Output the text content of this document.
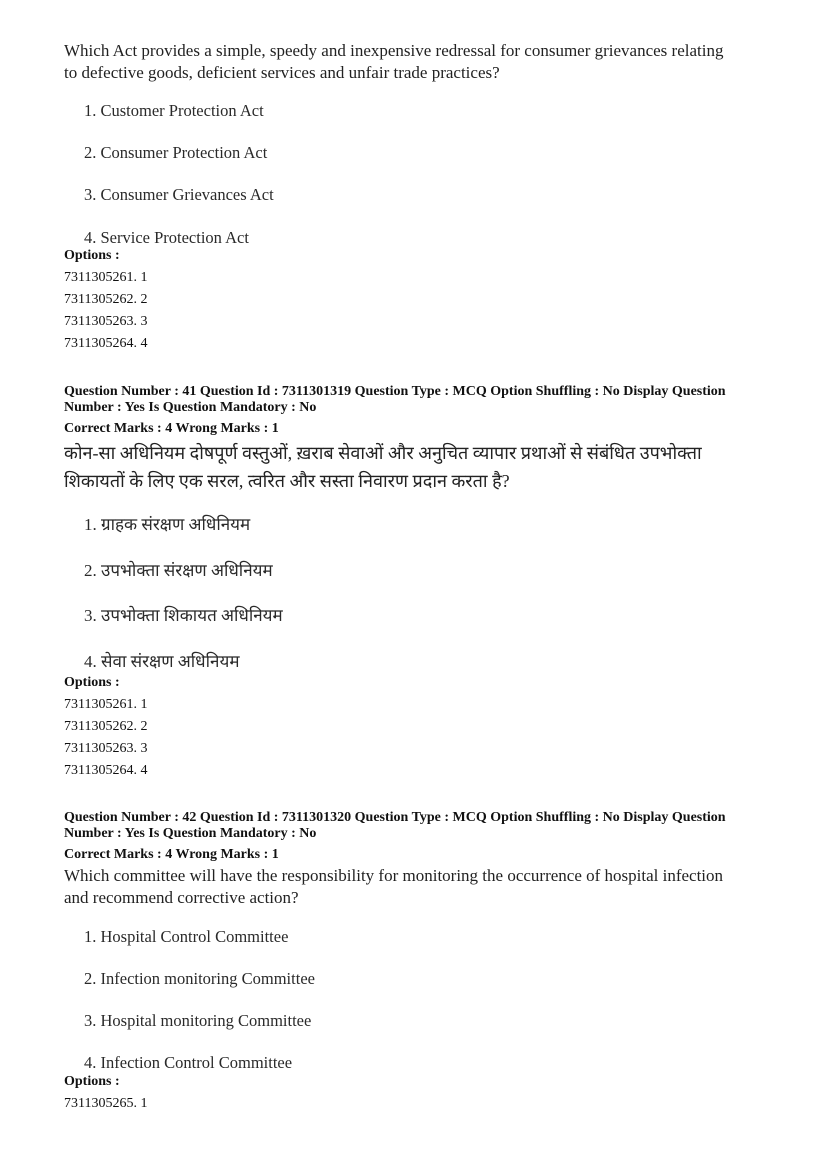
Which Act provides a simple, speedy and inexpensive redressal for consumer grievances relating
to defective goods, deficient services and unfair trade practices?
1. Customer Protection Act
2. Consumer Protection Act
3. Consumer Grievances Act
4. Service Protection Act
Options :
7311305261. 1
7311305262. 2
7311305263. 3
7311305264. 4
Question Number : 41 Question Id : 7311301319 Question Type : MCQ Option Shuffling : No Display Question
Number : Yes Is Question Mandatory : No
Correct Marks : 4 Wrong Marks : 1
कोन-सा अधिनियम दोषपूर्ण वस्तुओं, ख़राब सेवाओं और अनुचित व्यापार प्रथाओं से संबंधित उपभोक्ता
शिकायतों के लिए एक सरल, त्वरित और सस्ता निवारण प्रदान करता है?
1. ग्राहक संरक्षण अधिनियम
2. उपभोक्ता संरक्षण अधिनियम
3. उपभोक्ता शिकायत अधिनियम
4. सेवा संरक्षण अधिनियम
Options :
7311305261. 1
7311305262. 2
7311305263. 3
7311305264. 4
Question Number : 42 Question Id : 7311301320 Question Type : MCQ Option Shuffling : No Display Question
Number : Yes Is Question Mandatory : No
Correct Marks : 4 Wrong Marks : 1
Which committee will have the responsibility for monitoring the occurrence of hospital infection
and recommend corrective action?
1. Hospital Control Committee
2. Infection monitoring Committee
3. Hospital monitoring Committee
4. Infection Control Committee
Options :
7311305265. 1
